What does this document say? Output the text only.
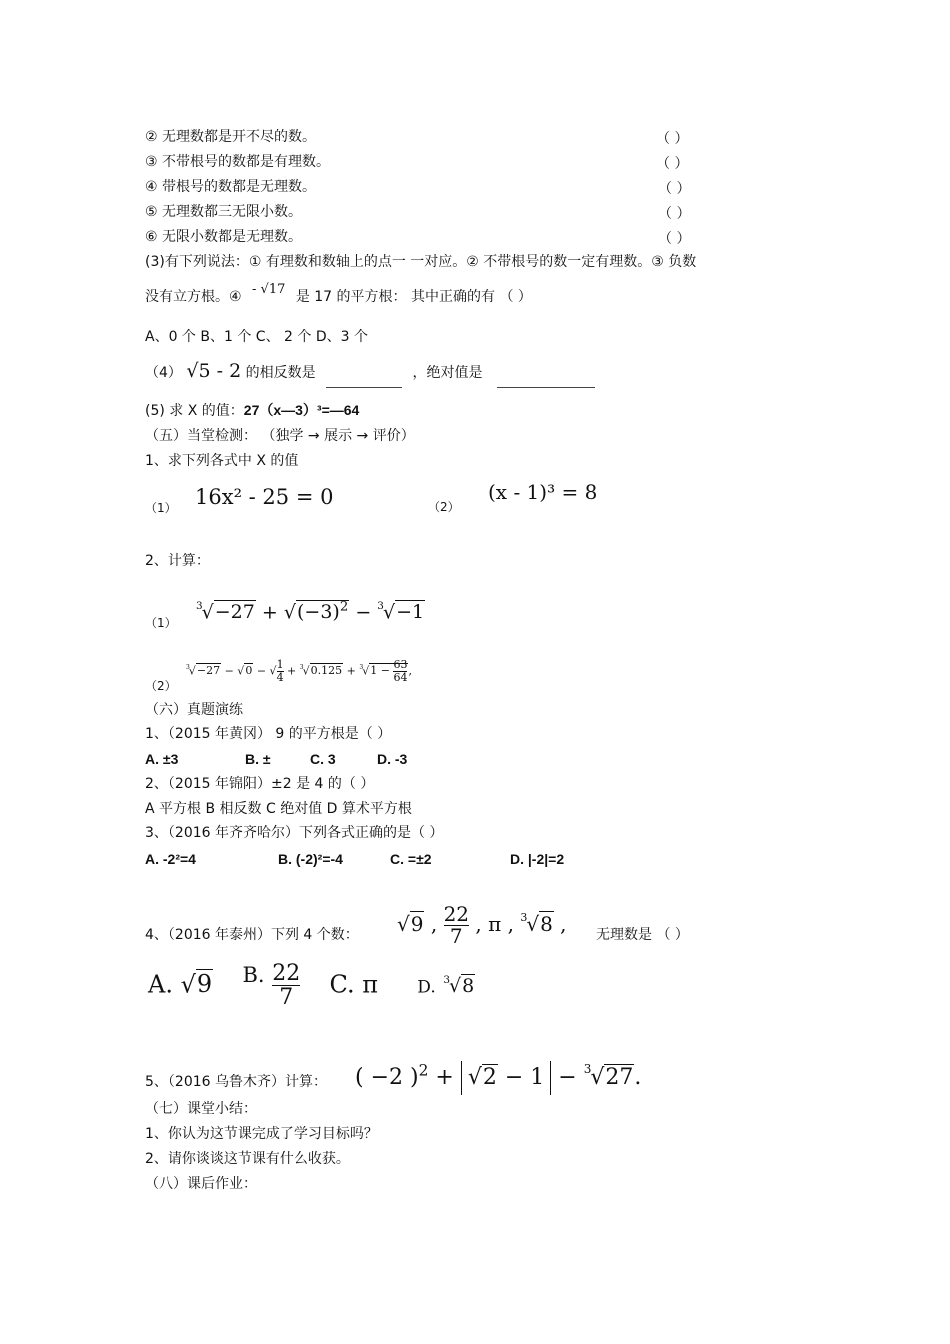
② 无理数都是开不尽的数。	（ ）
③ 不带根号的数都是有理数。	（ ）
④ 带根号的数都是无理数。	（ ）
⑤ 无理数都三无限小数。	（ ）
⑥ 无限小数都是无理数。	（ ）
(3)有下列说法：① 有理数和数轴上的点一 一对应。② 不带根号的数一定有理数。③ 负数
没有立方根。④ - √17 是 17 的平方根： 其中正确的有 （ ）
A、0 个 B、1 个 C、 2 个 D、3 个
（4） √5 - 2 的相反数是	，绝对值是
(5) 求 X 的值：27（x—3）³=—64
（五）当堂检测： （独学 → 展示 → 评价）
1、求下列各式中 X 的值
（1） 16x² - 25 = 0	（2）
(x - 1)³ = 8
2、计算：
（1）
$^3√-27 + √(-3)^2 - ^3√-1$
（2）
$^3$√−27 − √0 − √ $\frac{1}{4} + ^3√0.125 + ^3√1 - \frac{63}{64}$ ,
（六）真题演练
1、（2015 年黄冈） 9 的平方根是（ ）
A. ±3	B. ±	C. 3	D. -3
2、（2015 年锦阳）±2 是 4 的（ ）
A 平方根 B 相反数 C 绝对值 D 算术平方根
3、（2016 年齐齐哈尔）下列各式正确的是（ ）
A. -2²=4	B. (-2)²=-4	C. =±2	D. |-2|=2
4、（2016 年泰州）下列 4 个数： √9 , $\frac{22}{7}$ , π , $^3$√8 , 无理数是 （ ）
A. √9 B. $\frac{22}{7} C$. π  D. $^3$√8
5、（2016 乌鲁木齐）计算： ( −2 )$^2$ + √2 − 1 − $^3$√27.
（七）课堂小结：
1、你认为这节课完成了学习目标吗？
2、请你谈谈这节课有什么收获。
（八）课后作业：
